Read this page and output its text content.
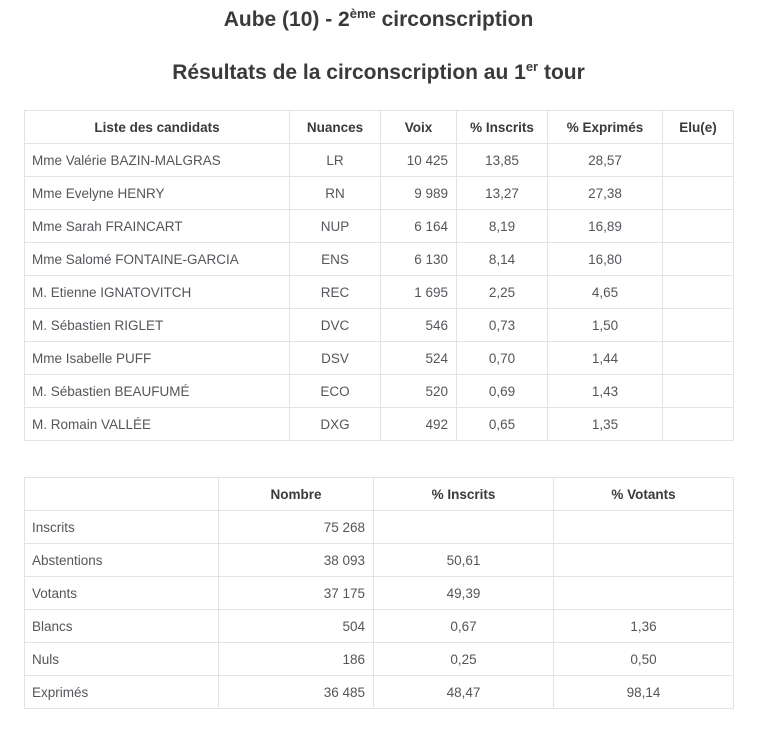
Aube (10) - 2ème circonscription
Résultats de la circonscription au 1er tour
Liste des candidats	Nuances	Voix	% Inscrits	% Exprimés	Elu(e)
Mme Valérie BAZIN-MALGRAS	LR	10 425	13,85	28,57	
Mme Evelyne HENRY	RN	9 989	13,27	27,38	
Mme Sarah FRAINCART	NUP	6 164	8,19	16,89	
Mme Salomé FONTAINE-GARCIA	ENS	6 130	8,14	16,80	
M. Etienne IGNATOVITCH	REC	1 695	2,25	4,65	
M. Sébastien RIGLET	DVC	546	0,73	1,50	
Mme Isabelle PUFF	DSV	524	0,70	1,44	
M. Sébastien BEAUFUMÉ	ECO	520	0,69	1,43	
M. Romain VALLÉE	DXG	492	0,65	1,35	
	Nombre	% Inscrits	% Votants
Inscrits	75 268		
Abstentions	38 093	50,61	
Votants	37 175	49,39	
Blancs	504	0,67	1,36
Nuls	186	0,25	0,50
Exprimés	36 485	48,47	98,14
